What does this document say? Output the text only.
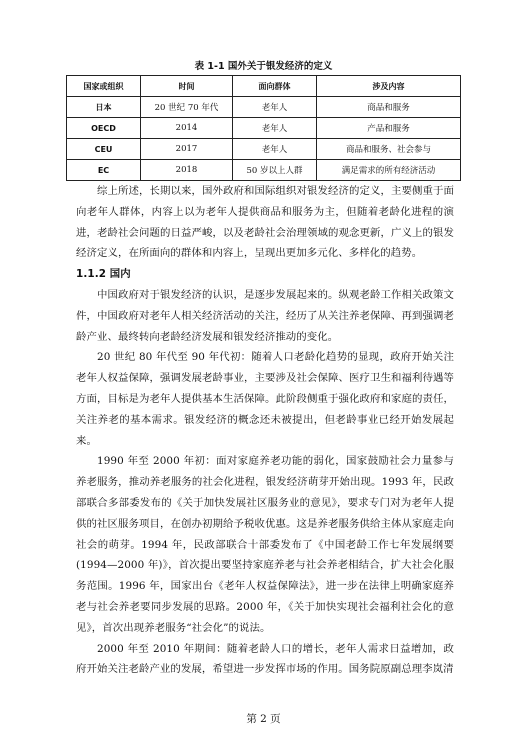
表 1-1 国外关于银发经济的定义
国家或组织	时间	面向群体	涉及内容
日本	20 世纪 70 年代	老年人	商品和服务
OECD	2014	老年人	产品和服务
CEU	2017	老年人	商品和服务、社会参与
EC	2018	50 岁以上人群	满足需求的所有经济活动

综上所述，长期以来，国外政府和国际组织对银发经济的定义，主要侧重于面向老年人群体，内容上以为老年人提供商品和服务为主，但随着老龄化进程的演进，老龄社会问题的日益严峻，以及老龄社会治理领域的观念更新，广义上的银发经济定义，在所面向的群体和内容上，呈现出更加多元化、多样化的趋势。

1.1.2 国内

中国政府对于银发经济的认识，是逐步发展起来的。纵观老龄工作相关政策文件，中国政府对老年人相关经济活动的关注，经历了从关注养老保障、再到强调老龄产业、最终转向老龄经济发展和银发经济推动的变化。

20 世纪 80 年代至 90 年代初：随着人口老龄化趋势的显现，政府开始关注老年人权益保障，强调发展老龄事业，主要涉及社会保障、医疗卫生和福利待遇等方面，目标是为老年人提供基本生活保障。此阶段侧重于强化政府和家庭的责任，关注养老的基本需求。银发经济的概念还未被提出，但老龄事业已经开始发展起来。

1990 年至 2000 年初：面对家庭养老功能的弱化，国家鼓励社会力量参与养老服务，推动养老服务的社会化进程，银发经济萌芽开始出现。1993 年，民政部联合多部委发布的《关于加快发展社区服务业的意见》，要求专门对为老年人提供的社区服务项目，在创办初期给予税收优惠。这是养老服务供给主体从家庭走向社会的萌芽。1994 年，民政部联合十部委发布了《中国老龄工作七年发展纲要(1994—2000 年)》，首次提出要坚持家庭养老与社会养老相结合，扩大社会化服务范围。1996 年，国家出台《老年人权益保障法》，进一步在法律上明确家庭养老与社会养老要同步发展的思路。2000 年，《关于加快实现社会福利社会化的意见》，首次出现养老服务“社会化”的说法。

2000 年至 2010 年期间：随着老龄人口的增长，老年人需求日益增加，政府开始关注老龄产业的发展，希望进一步发挥市场的作用。国务院原副总理李岚清

第 2 页
